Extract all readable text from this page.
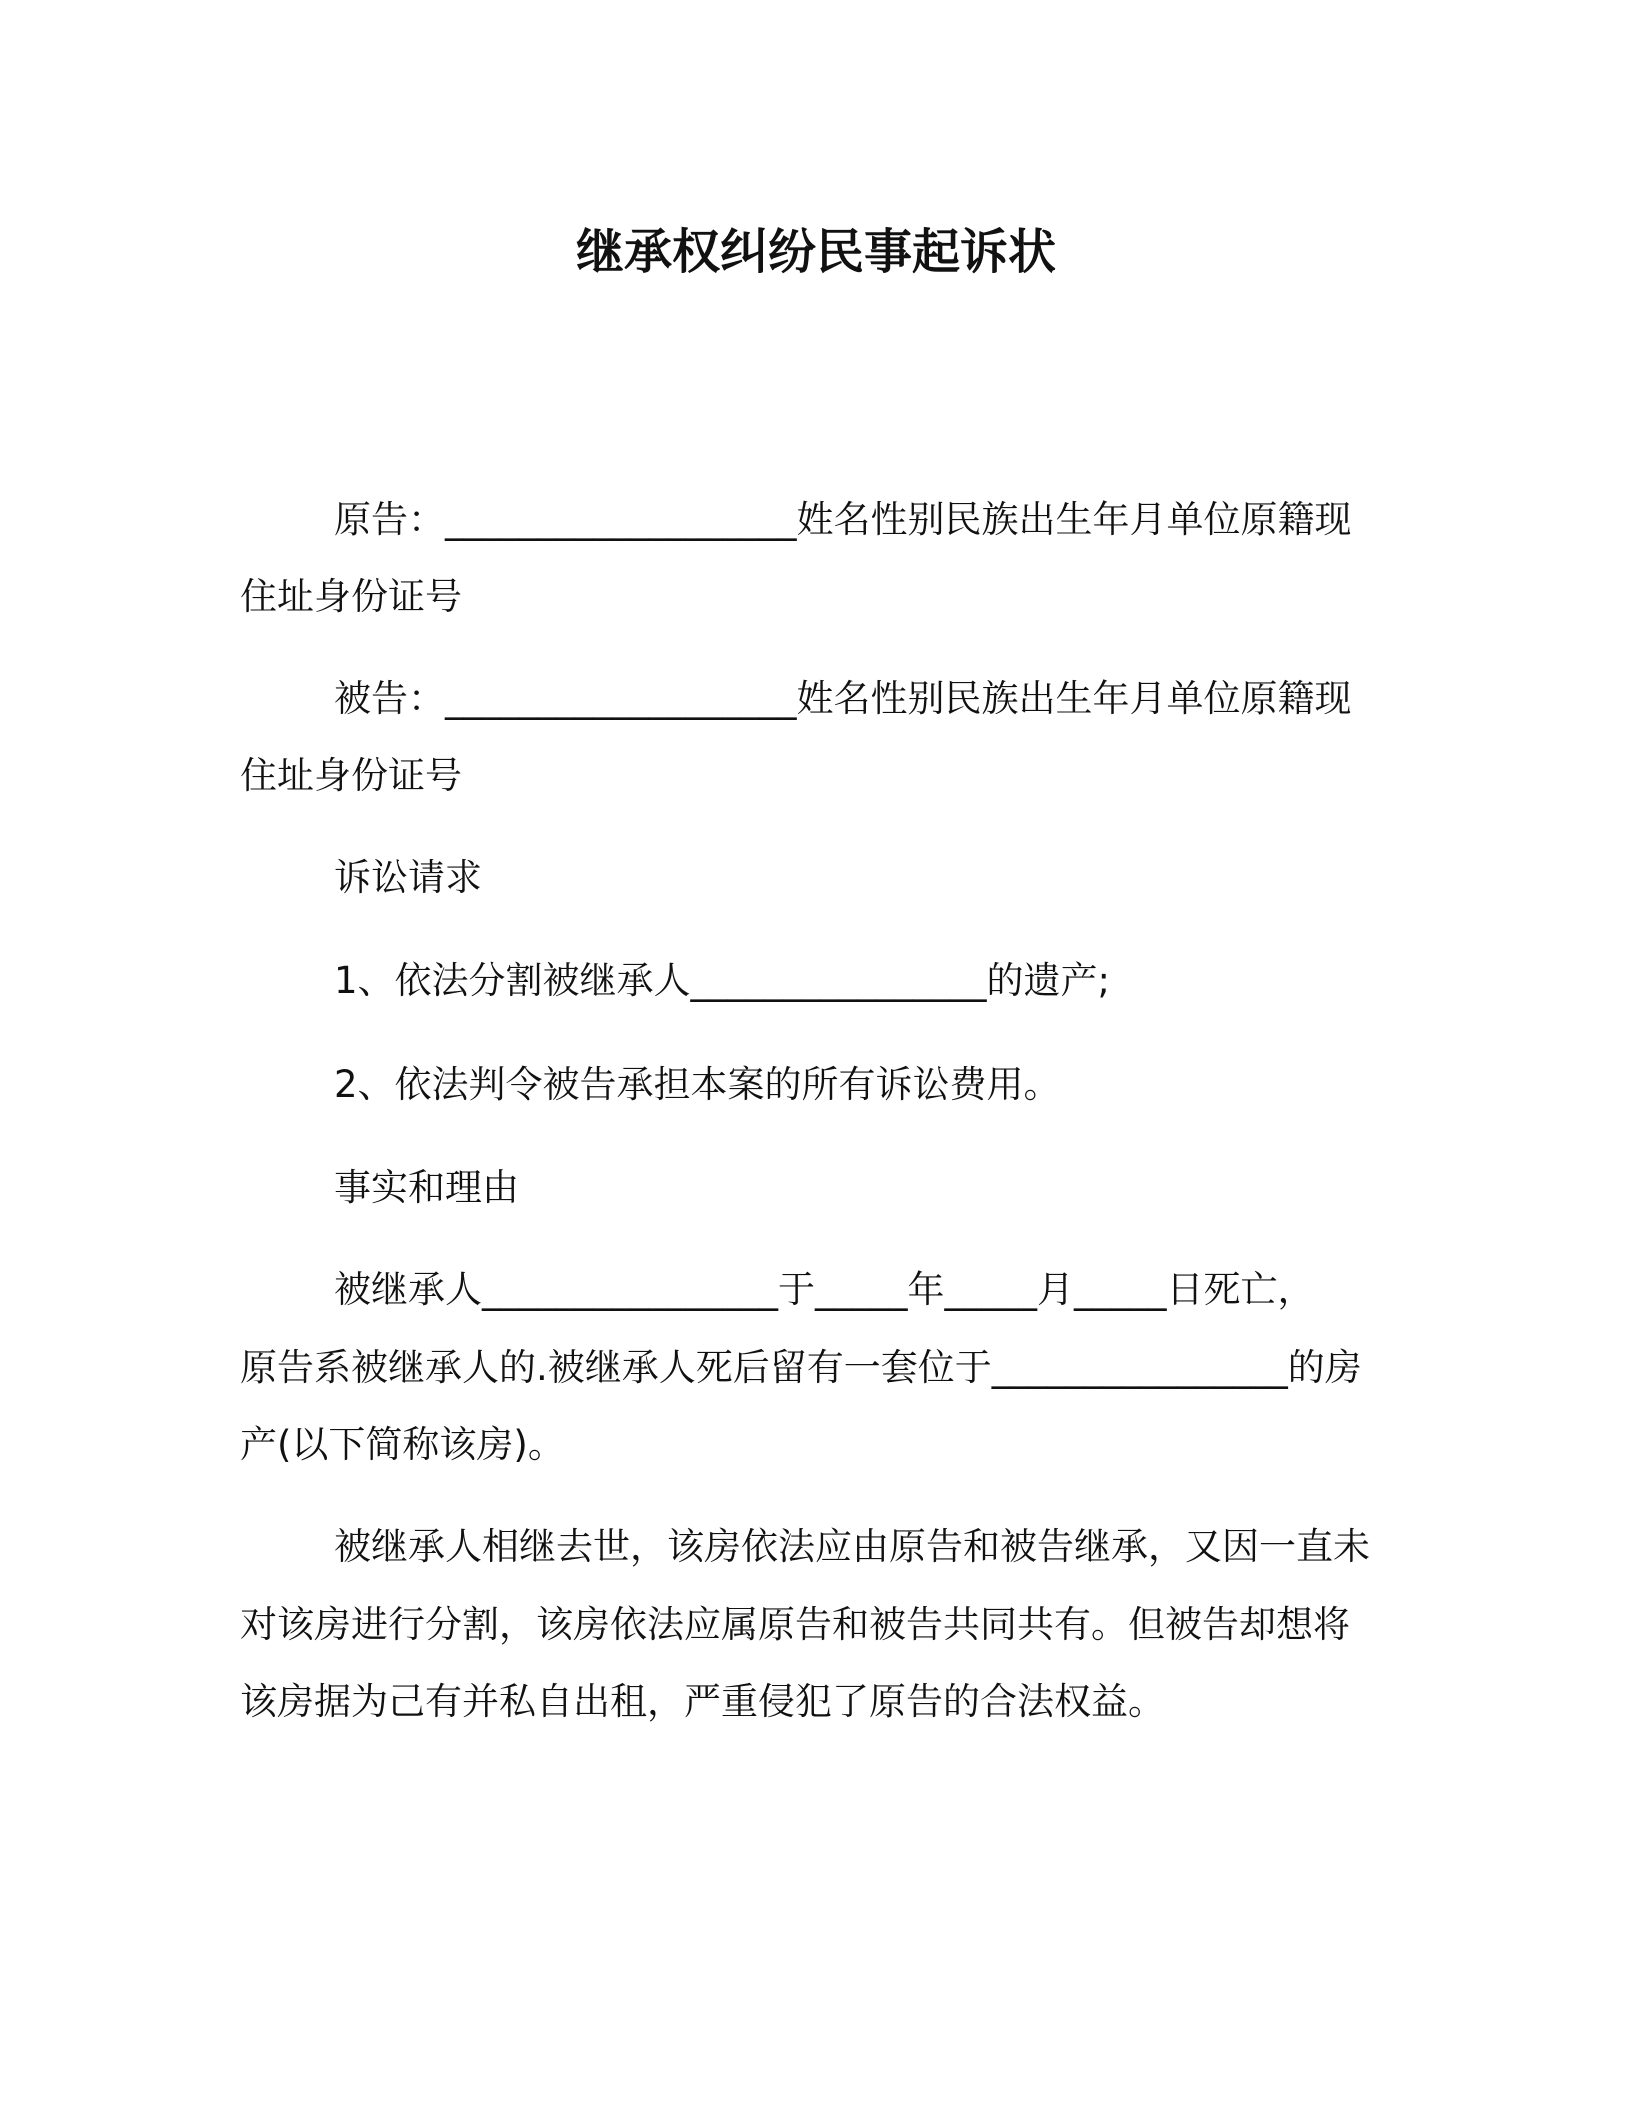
继承权纠纷民事起诉状
原告：___________________姓名性别民族出生年月单位原籍现
住址身份证号
被告：___________________姓名性别民族出生年月单位原籍现
住址身份证号
诉讼请求
1、依法分割被继承人________________的遗产;
2、依法判令被告承担本案的所有诉讼费用。
事实和理由
被继承人________________于_____年_____月_____日死亡，
原告系被继承人的.被继承人死后留有一套位于________________的房
产(以下简称该房)。
被继承人相继去世，该房依法应由原告和被告继承，又因一直未
对该房进行分割，该房依法应属原告和被告共同共有。但被告却想将
该房据为己有并私自出租，严重侵犯了原告的合法权益。
